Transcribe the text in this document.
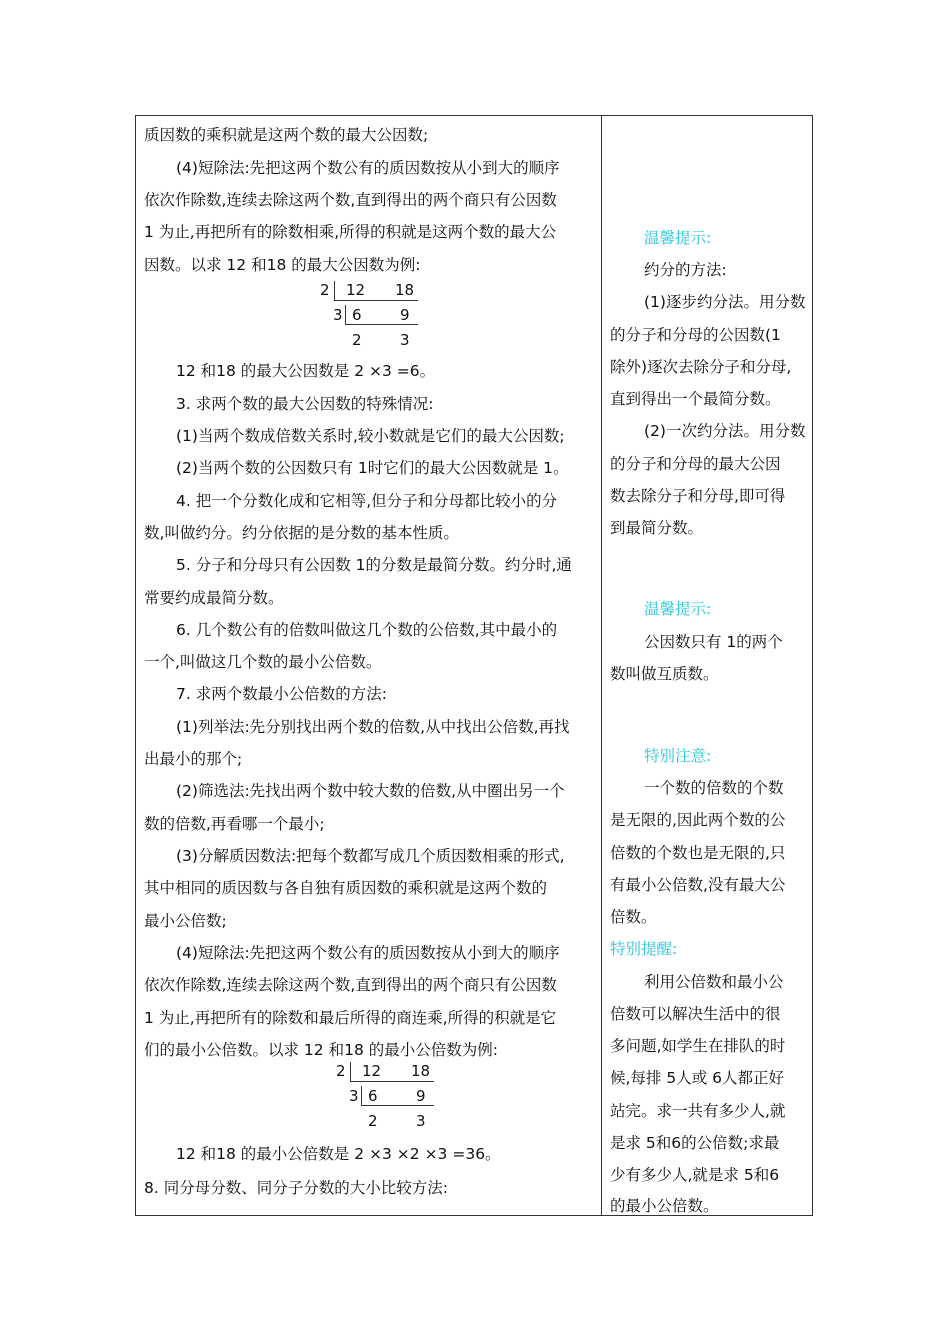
质因数的乘积就是这两个数的最大公因数;
(4)短除法:先把这两个数公有的质因数按从小到大的顺序
依次作除数,连续去除这两个数,直到得出的两个商只有公因数
1 为止,再把所有的除数相乘,所得的积就是这两个数的最大公
因数。以求 12 和18 的最大公因数为例:
2 12 18
3 6	9
2	3
12 和18 的最大公因数是 2 ×3 =6。
3. 求两个数的最大公因数的特殊情况:
(1)当两个数成倍数关系时,较小数就是它们的最大公因数;
(2)当两个数的公因数只有 1时它们的最大公因数就是 1。
4. 把一个分数化成和它相等,但分子和分母都比较小的分
数,叫做约分。约分依据的是分数的基本性质。
5. 分子和分母只有公因数 1的分数是最简分数。约分时,通
常要约成最简分数。
6. 几个数公有的倍数叫做这几个数的公倍数,其中最小的
一个,叫做这几个数的最小公倍数。
7. 求两个数最小公倍数的方法:
(1)列举法:先分别找出两个数的倍数,从中找出公倍数,再找
出最小的那个;
(2)筛选法:先找出两个数中较大数的倍数,从中圈出另一个
数的倍数,再看哪一个最小;
(3)分解质因数法:把每个数都写成几个质因数相乘的形式,
其中相同的质因数与各自独有质因数的乘积就是这两个数的
最小公倍数;
(4)短除法:先把这两个数公有的质因数按从小到大的顺序
依次作除数,连续去除这两个数,直到得出的两个商只有公因数
1 为止,再把所有的除数和最后所得的商连乘,所得的积就是它
们的最小公倍数。以求 12 和18 的最小公倍数为例:
2 12 18
3 6	9
2	3
12 和18 的最小公倍数是 2 ×3 ×2 ×3 =36。
8. 同分母分数、同分子分数的大小比较方法:
温馨提示:
约分的方法:
(1)逐步约分法。用分数
的分子和分母的公因数(1
除外)逐次去除分子和分母,
直到得出一个最简分数。
(2)一次约分法。用分数
的分子和分母的最大公因
数去除分子和分母,即可得
到最简分数。
温馨提示:
公因数只有 1的两个
数叫做互质数。
特别注意:
一个数的倍数的个数
是无限的,因此两个数的公
倍数的个数也是无限的,只
有最小公倍数,没有最大公
倍数。
特别提醒:
利用公倍数和最小公
倍数可以解决生活中的很
多问题,如学生在排队的时
候,每排 5人或 6人都正好
站完。求一共有多少人,就
是求 5和6的公倍数;求最
少有多少人,就是求 5和6
的最小公倍数。
